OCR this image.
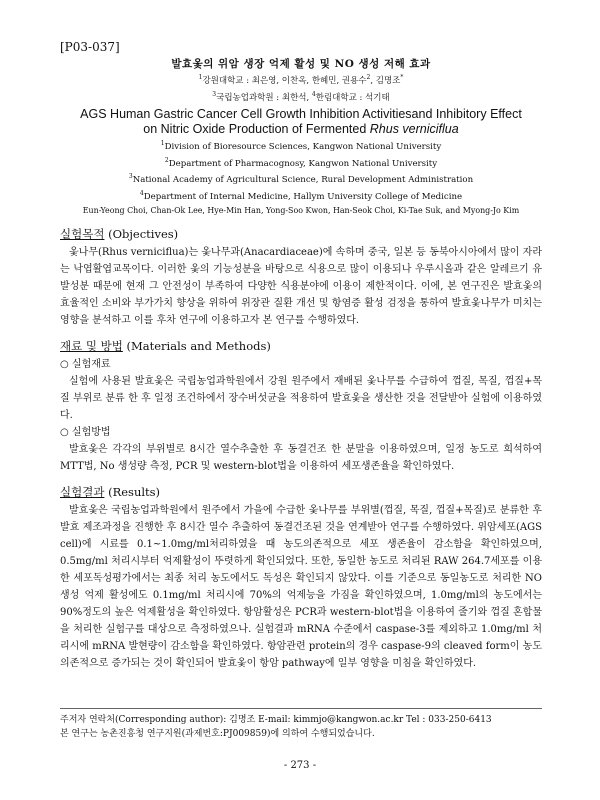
[P03-037]
발효옻의 위암 생장 억제 활성 및 NO 생성 저해 효과
$^1$강원대학교 : 최은영, 이찬옥, 한혜민, 권용수$^2$, 김명조*
$^3$국립농업과학원 : 최한석, $^4$한림대학교 : 석기태
AGS Human Gastric Cancer Cell Growth Inhibition Activitiesand Inhibitory Effect
on Nitric Oxide Production of Fermented Rhus verniciflua
$^1$Division of Bioresource Sciences, Kangwon National University
$^2$Department of Pharmacognosy, Kangwon National University
$^3$National Academy of Agricultural Science, Rural Development Administration
$^4$Department of Internal Medicine, Hallym University College of Medicine
Eun-Yeong Choi, Chan-Ok Lee, Hye-Min Han, Yong-Soo Kwon, Han-Seok Choi, Ki-Tae Suk, and Myong-Jo Kim
실험목적 (Objectives)
옻나무(Rhus verniciflua)는 옻나무과(Anacardiaceae)에 속하며 중국, 일본 등 동북아시아에서 많이 자라는 낙엽활엽교목이다. 이러한 옻의 기능성분을 바탕으로 식용으로 많이 이용되나 우루시올과 같은 알레르기 유발성분 때문에 현재 그 안전성이 부족하여 다양한 식용분야에 이용이 제한적이다. 이에, 본 연구진은 발효옻의 효율적인 소비와 부가가치 향상을 위하여 위장관 질환 개선 및 항염증 활성 검정을 통하여 발효옻나무가 미치는 영향을 분석하고 이를 후차 연구에 이용하고자 본 연구를 수행하였다.
재료 및 방법 (Materials and Methods)
○ 실험재료
실험에 사용된 발효옻은 국립농업과학원에서 강원 원주에서 재배된 옻나무를 수급하여 껍질, 목질, 껍질+목질 부위로 분류 한 후 일정 조건하에서 장수버섯균을 적용하여 발효옻을 생산한 것을 전달받아 실험에 이용하였다.
○ 실험방법
발효옻은 각각의 부위별로 8시간 열수추출한 후 동결건조 한 분말을 이용하였으며, 일정 농도로 희석하여 MTT법, No 생성량 측정, PCR 및 western-blot법을 이용하여 세포생존율을 확인하였다.
실험결과 (Results)
발효옻은 국립농업과학원에서 원주에서 가을에 수급한 옻나무를 부위별(껍질, 목질, 껍질+목질)로 분류한 후 발효 제조과정을 진행한 후 8시간 열수 추출하여 동결건조된 것을 연계받아 연구를 수행하였다. 위암세포(AGS cell)에 시료를 0.1~1.0mg/ml처리하였을 때 농도의존적으로 세포 생존율이 감소함을 확인하였으며, 0.5mg/ml 처리시부터 억제활성이 뚜렷하게 확인되었다. 또한, 동일한 농도로 처리된 RAW 264.7세포를 이용한 세포독성평가에서는 최종 처리 농도에서도 독성은 확인되지 않았다. 이를 기준으로 동일농도로 처리한 NO 생성 억제 활성에도 0.1mg/ml 처리시에 70%의 억제능을 가짐을 확인하였으며, 1.0mg/ml의 농도에서는 90%정도의 높은 억제활성을 확인하였다. 항암활성은 PCR과 western-blot법을 이용하여 줄기와 껍질 혼합물을 처리한 실험구를 대상으로 측정하였으나. 실험결과 mRNA 수준에서 caspase-3를 제외하고 1.0mg/ml 처리시에 mRNA 발현량이 감소함을 확인하였다. 항암관련 protein의 경우 caspase-9의 cleaved form이 농도 의존적으로 증가되는 것이 확인되어 발효옻이 항암 pathway에 일부 영향을 미침을 확인하였다.
주저자 연락처(Corresponding author): 김명조 E-mail: kimmjo@kangwon.ac.kr Tel : 033-250-6413
본 연구는 농촌진흥청 연구지원(과제번호:PJ009859)에 의하여 수행되었습니다.
- 273 -
